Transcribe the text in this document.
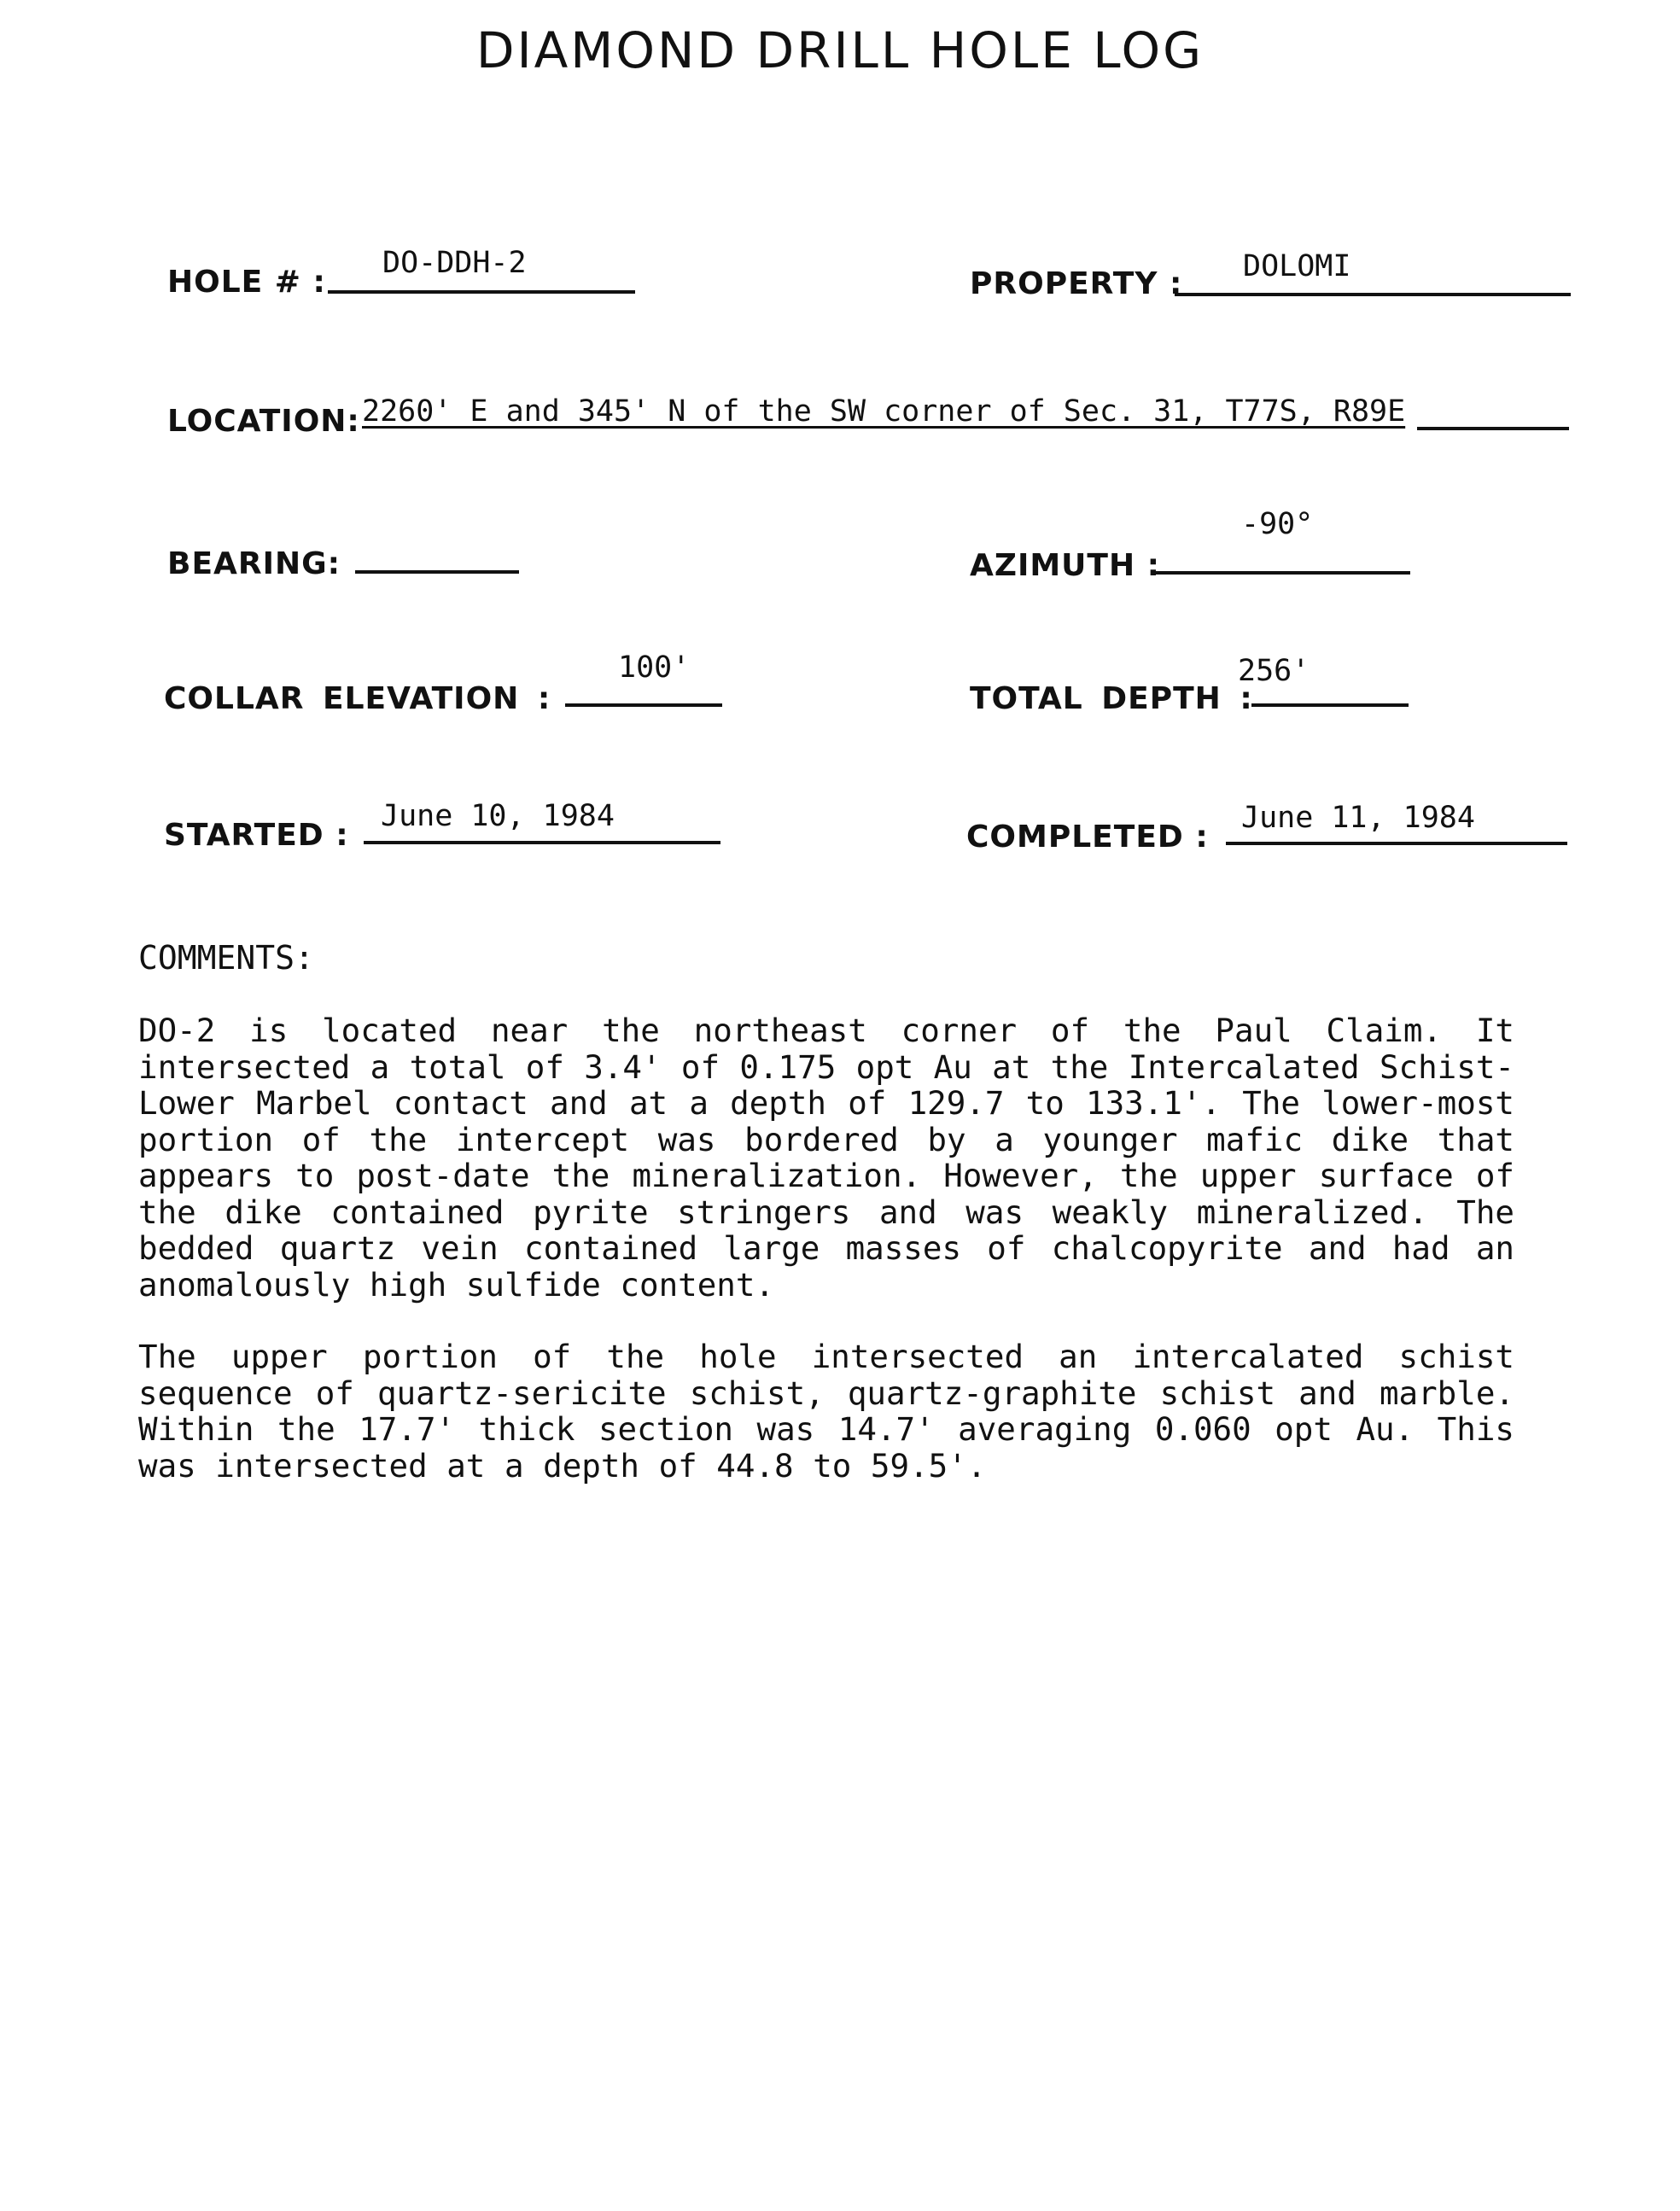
DIAMOND DRILL HOLE LOG
HOLE # :
DO-DDH-2
PROPERTY : DOLOMI
LOCATION: 2260' E and 345' N of the SW corner of Sec. 31, T77S, R89E
BEARING:	AZIMUTH :
-90°
COLLAR ELEVATION :
100'
TOTAL DEPTH :
256'
STARTED :
June 10, 1984
COMPLETED :
June 11, 1984
COMMENTS:

DO-2 is located near the northeast corner of the Paul Claim. It intersected a total of 3.4' of 0.175 opt Au at the Intercalated Schist- Lower Marbel contact and at a depth of 129.7 to 133.1'. The lower-most portion of the intercept was bordered by a younger mafic dike that appears to post-date the mineralization. However, the upper surface of the dike contained pyrite stringers and was weakly mineralized. The bedded quartz vein contained large masses of chalcopyrite and had an anomalously high sulfide content.

The upper portion of the hole intersected an intercalated schist sequence of quartz-sericite schist, quartz-graphite schist and marble. Within the 17.7' thick section was 14.7' averaging 0.060 opt Au. This was intersected at a depth of 44.8 to 59.5'.
